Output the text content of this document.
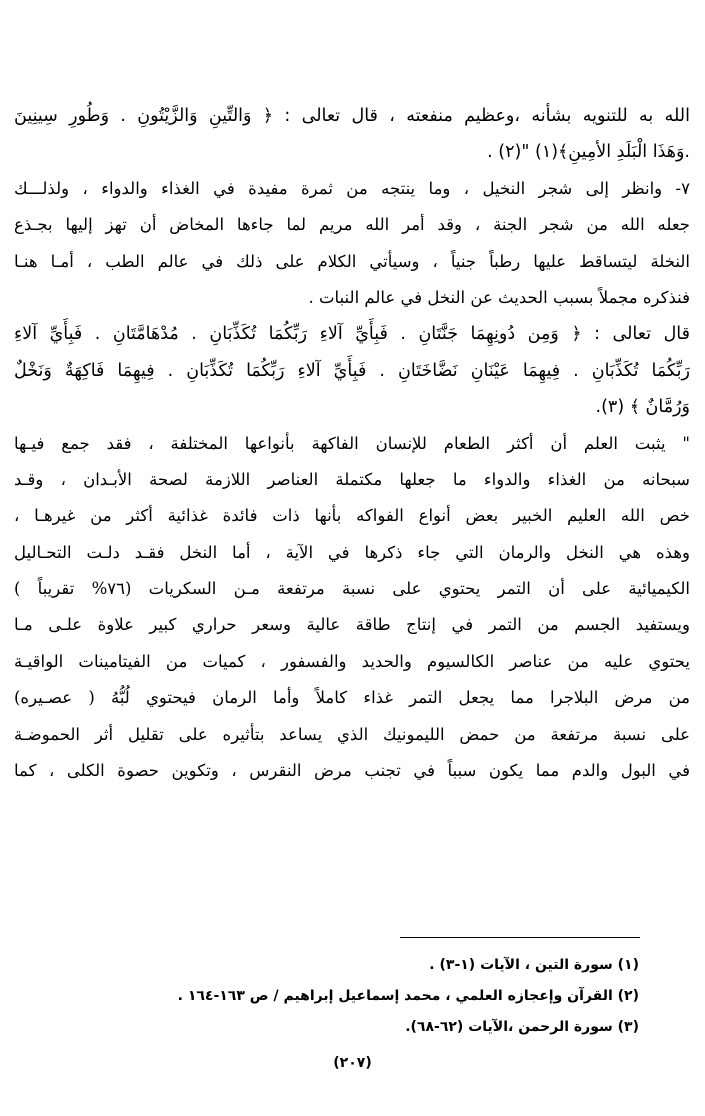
الله به للتنويه بشأنه ،وعظيم منفعته ، قال تعالى : ﴿ وَالتِّينِ وَالزَّيْتُونِ . وَطُورِ سِينِينَ
.وَهَذَا الْبَلَدِ الأمِينِ﴾(١) "(٢) .
٧- وانظر إلى شجر النخيل ، وما ينتجه من ثمرة مفيدة في الغذاء والدواء ، ولذلـــك
جعله الله من شجر الجنة ، وقد أمر الله مريم لما جاءها المخاض أن تهز إليها بجـذع
النخلة ليتساقط عليها رطباً جنياً ، وسيأتي الكلام على ذلك في عالم الطب ، أمـا هنـا
فنذكره مجملاً بسبب الحديث عن النخل في عالم النبات .
قال تعالى : ﴿ وَمِن دُونِهِمَا جَنَّتَانِ . فَبِأَيِّ آلاءِ رَبِّكُمَا تُكَذِّبَانِ . مُدْهَامَّتَانِ . فَبِأَيِّ آلاءِ
رَبِّكُمَا تُكَذِّبَانِ . فِيهِمَا عَيْنَانِ نَضَّاخَتَانِ . فَبِأَيِّ آلاءِ رَبِّكُمَا تُكَذِّبَانِ . فِيهِمَا فَاكِهَةٌ وَنَخْلٌ
وَرُمَّانٌ ﴾ (٣).
" يثبت العلم أن أكثر الطعام للإنسان الفاكهة بأنواعها المختلفة ، فقد جمع فيـها
سبحانه من الغذاء والدواء ما جعلها مكتملة العناصر اللازمة لصحة الأبـدان ، وقـد
خص الله العليم الخبير بعض أنواع الفواكه بأنها ذات فائدة غذائية أكثر من غيرهـا ،
وهذه هي النخل والرمان التي جاء ذكرها في الآية ، أما النخل فقـد دلـت التحـاليل
الكيميائية على أن التمر يحتوي على نسبة مرتفعة مـن السكريات (٧٦% تقريباً )
ويستفيد الجسم من التمر في إنتاج طاقة عالية وسعر حراري كبير علاوة علـى مـا
يحتوي عليه من عناصر الكالسيوم والحديد والفسفور ، كميات من الفيتامينات الواقيـة
من مرض البلاجرا مما يجعل التمر غذاء كاملاً وأما الرمان فيحتوي لُبُّهُ ( عصـيره)
على نسبة مرتفعة من حمض الليمونيك الذي يساعد بتأثيره على تقليل أثر الحموضـة
في البول والدم مما يكون سبباً في تجنب مرض النقرس ، وتكوين حصوة الكلى ، كما
(١) سورة التين ، الآيات (١-٣) .
(٢) القرآن وإعجازه العلمي ، محمد إسماعيل إبراهيم / ص ١٦٣-١٦٤ .
(٣) سورة الرحمن ،الآيات (٦٢-٦٨).
(٢٠٧)
